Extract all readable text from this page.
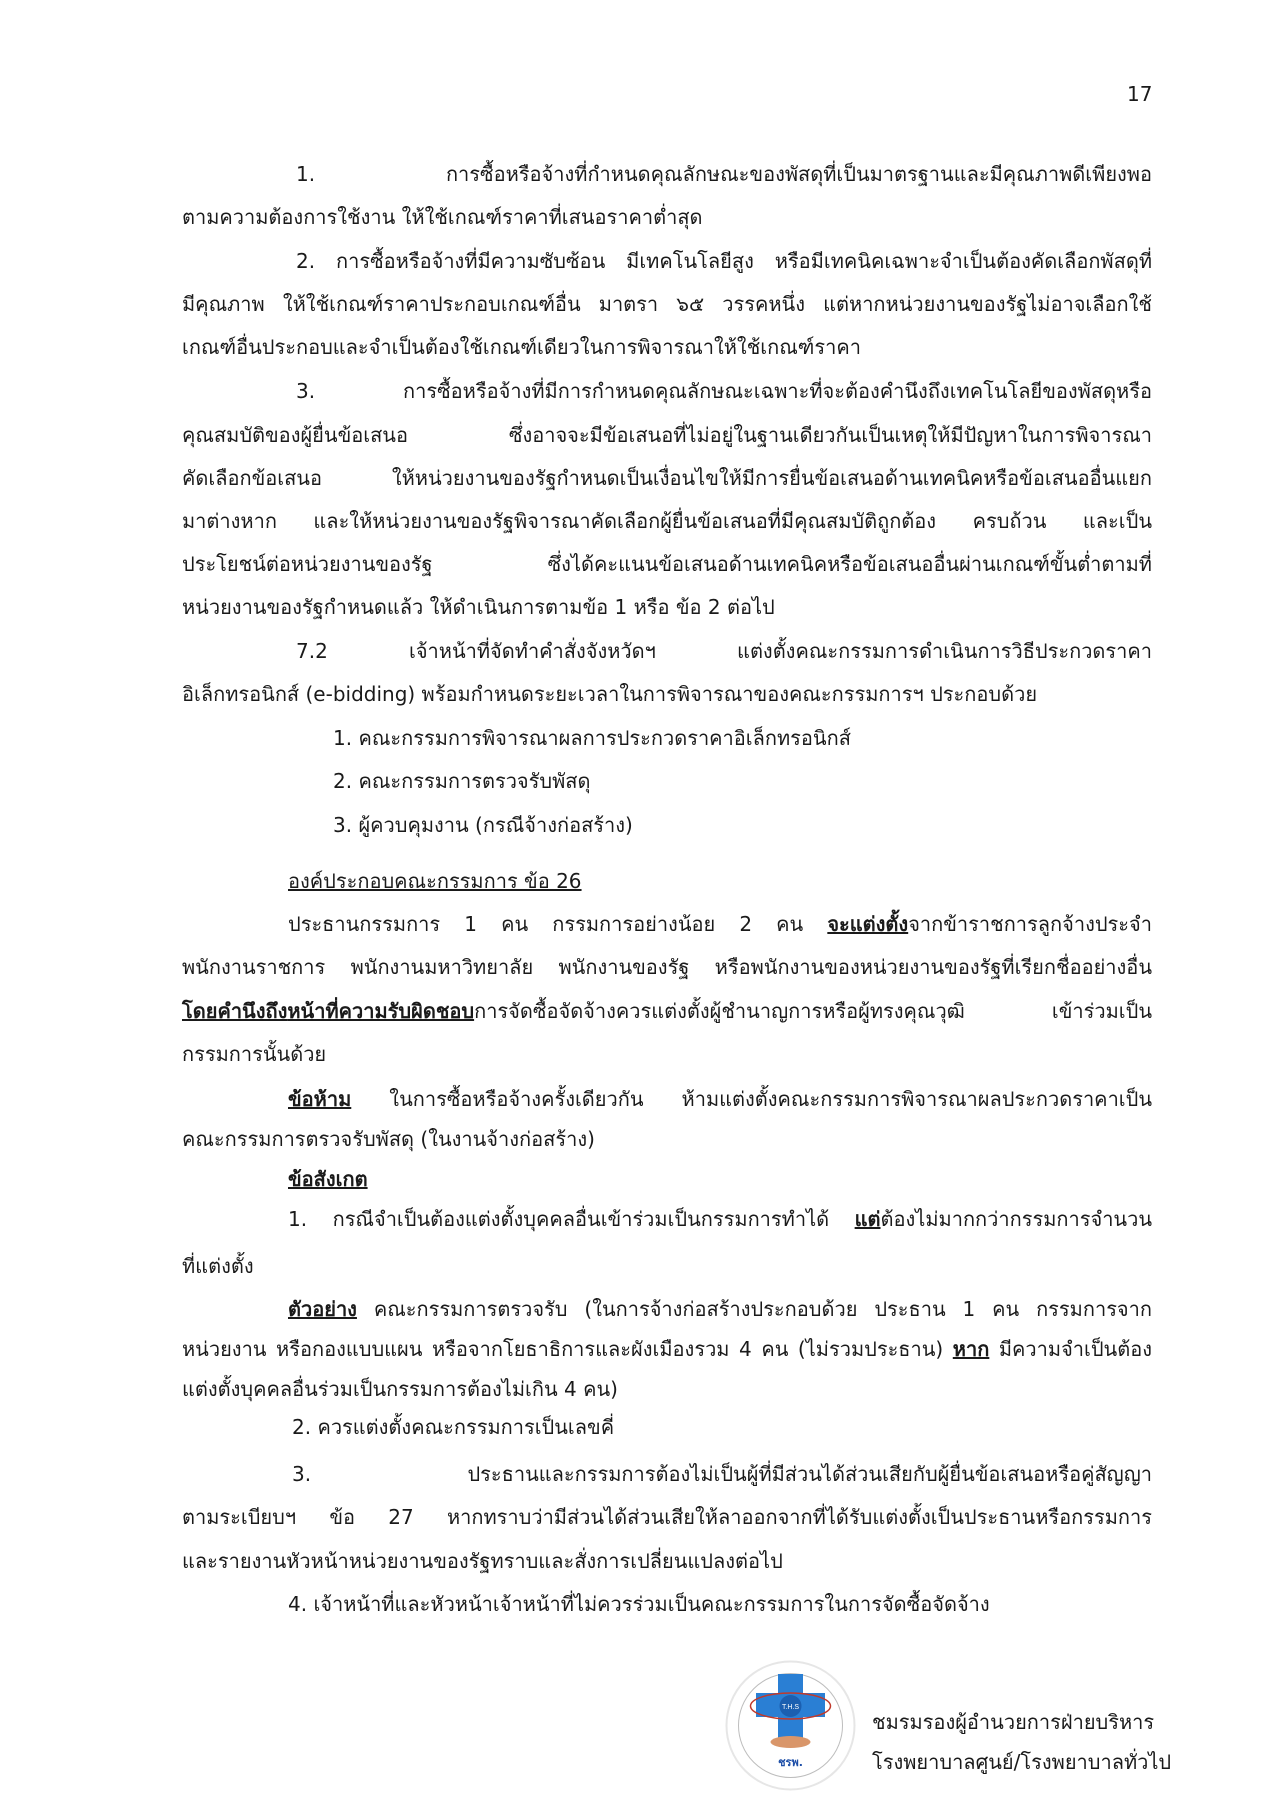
17
1. การซื้อหรือจ้างที่กำหนดคุณลักษณะของพัสดุที่เป็นมาตรฐานและมีคุณภาพดีเพียงพอ
ตามความต้องการใช้งาน ให้ใช้เกณฑ์ราคาที่เสนอราคาต่ำสุด
2. การซื้อหรือจ้างที่มีความซับซ้อน มีเทคโนโลยีสูง หรือมีเทคนิคเฉพาะจำเป็นต้องคัดเลือกพัสดุที่
มีคุณภาพ ให้ใช้เกณฑ์ราคาประกอบเกณฑ์อื่น มาตรา ๖๕ วรรคหนึ่ง แต่หากหน่วยงานของรัฐไม่อาจเลือกใช้
เกณฑ์อื่นประกอบและจำเป็นต้องใช้เกณฑ์เดียวในการพิจารณาให้ใช้เกณฑ์ราคา
3. การซื้อหรือจ้างที่มีการกำหนดคุณลักษณะเฉพาะที่จะต้องคำนึงถึงเทคโนโลยีของพัสดุหรือ
คุณสมบัติของผู้ยื่นข้อเสนอ ซึ่งอาจจะมีข้อเสนอที่ไม่อยู่ในฐานเดียวกันเป็นเหตุให้มีปัญหาในการพิจารณา
คัดเลือกข้อเสนอ ให้หน่วยงานของรัฐกำหนดเป็นเงื่อนไขให้มีการยื่นข้อเสนอด้านเทคนิคหรือข้อเสนออื่นแยก
มาต่างหาก และให้หน่วยงานของรัฐพิจารณาคัดเลือกผู้ยื่นข้อเสนอที่มีคุณสมบัติถูกต้อง ครบถ้วน และเป็น
ประโยชน์ต่อหน่วยงานของรัฐ ซึ่งได้คะแนนข้อเสนอด้านเทคนิคหรือข้อเสนออื่นผ่านเกณฑ์ขั้นต่ำตามที่
หน่วยงานของรัฐกำหนดแล้ว ให้ดำเนินการตามข้อ 1 หรือ ข้อ 2 ต่อไป
7.2 เจ้าหน้าที่จัดทำคำสั่งจังหวัดฯ แต่งตั้งคณะกรรมการดำเนินการวิธีประกวดราคา
อิเล็กทรอนิกส์ (e-bidding) พร้อมกำหนดระยะเวลาในการพิจารณาของคณะกรรมการฯ ประกอบด้วย
1. คณะกรรมการพิจารณาผลการประกวดราคาอิเล็กทรอนิกส์
2. คณะกรรมการตรวจรับพัสดุ
3. ผู้ควบคุมงาน (กรณีจ้างก่อสร้าง)
องค์ประกอบคณะกรรมการ ข้อ 26
ประธานกรรมการ 1 คน กรรมการอย่างน้อย 2 คน จะแต่งตั้งจากข้าราชการลูกจ้างประจำ
พนักงานราชการ พนักงานมหาวิทยาลัย พนักงานของรัฐ หรือพนักงานของหน่วยงานของรัฐที่เรียกชื่ออย่างอื่น
โดยคำนึงถึงหน้าที่ความรับผิดชอบการจัดซื้อจัดจ้างควรแต่งตั้งผู้ชำนาญการหรือผู้ทรงคุณวุฒิ เข้าร่วมเป็น
กรรมการนั้นด้วย
ข้อห้าม ในการซื้อหรือจ้างครั้งเดียวกัน ห้ามแต่งตั้งคณะกรรมการพิจารณาผลประกวดราคาเป็น
คณะกรรมการตรวจรับพัสดุ (ในงานจ้างก่อสร้าง)
ข้อสังเกต
1. กรณีจำเป็นต้องแต่งตั้งบุคคลอื่นเข้าร่วมเป็นกรรมการทำได้ แต่ต้องไม่มากกว่ากรรมการจำนวน
ที่แต่งตั้ง
ตัวอย่าง คณะกรรมการตรวจรับ (ในการจ้างก่อสร้างประกอบด้วย ประธาน 1 คน กรรมการจาก
หน่วยงาน หรือกองแบบแผน หรือจากโยธาธิการและผังเมืองรวม 4 คน (ไม่รวมประธาน) หาก มีความจำเป็นต้อง
แต่งตั้งบุคคลอื่นร่วมเป็นกรรมการต้องไม่เกิน 4 คน)
2. ควรแต่งตั้งคณะกรรมการเป็นเลขคี่
3. ประธานและกรรมการต้องไม่เป็นผู้ที่มีส่วนได้ส่วนเสียกับผู้ยื่นข้อเสนอหรือคู่สัญญา
ตามระเบียบฯ ข้อ 27 หากทราบว่ามีส่วนได้ส่วนเสียให้ลาออกจากที่ได้รับแต่งตั้งเป็นประธานหรือกรรมการ
และรายงานหัวหน้าหน่วยงานของรัฐทราบและสั่งการเปลี่ยนแปลงต่อไป
4. เจ้าหน้าที่และหัวหน้าเจ้าหน้าที่ไม่ควรร่วมเป็นคณะกรรมการในการจัดซื้อจัดจ้าง
T.H.S
ชรพ.
ชมรมรองผู้อำนวยการฝ่ายบริหาร
โรงพยาบาลศูนย์/โรงพยาบาลทั่วไป
